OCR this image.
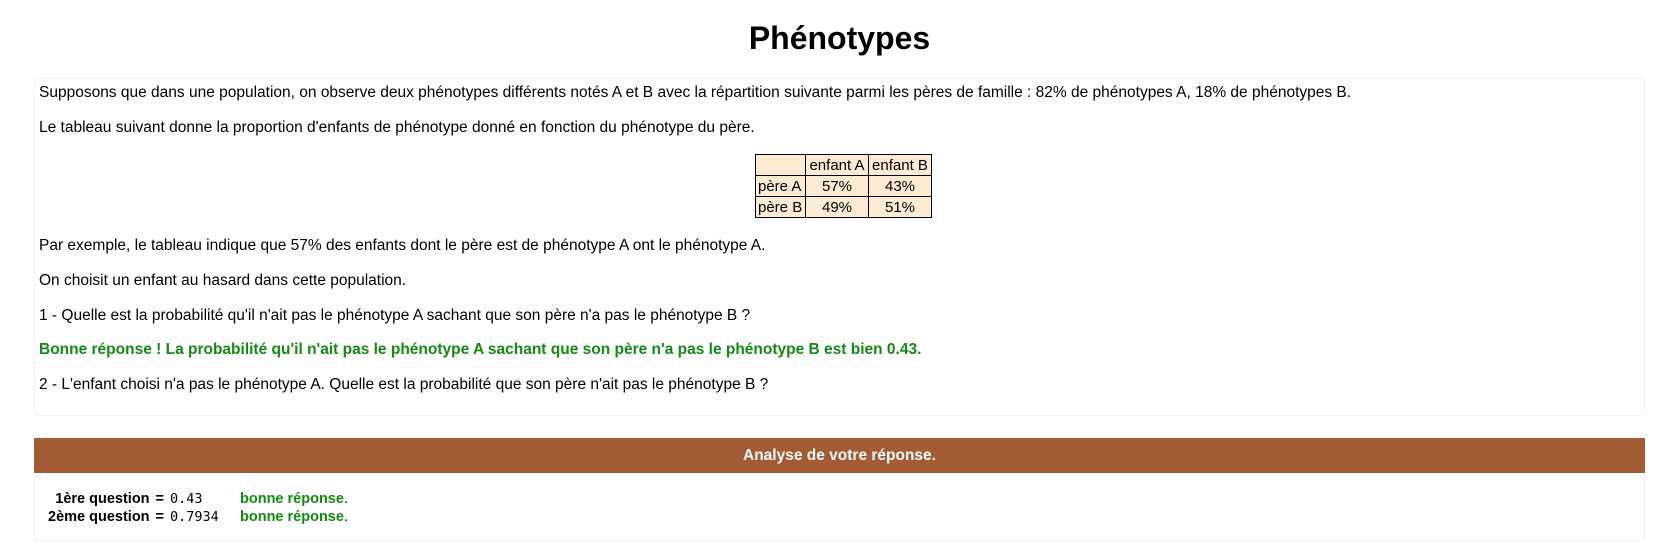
Phénotypes

Supposons que dans une population, on observe deux phénotypes différents notés A et B avec la répartition suivante parmi les pères de famille : 82% de phénotypes A, 18% de phénotypes B.

Le tableau suivant donne la proportion d'enfants de phénotype donné en fonction du phénotype du père.

	enfant A	enfant B
père A	57%	43%
père B	49%	51%

Par exemple, le tableau indique que 57% des enfants dont le père est de phénotype A ont le phénotype A.

On choisit un enfant au hasard dans cette population.

1 - Quelle est la probabilité qu'il n'ait pas le phénotype A sachant que son père n'a pas le phénotype B ?

Bonne réponse ! La probabilité qu'il n'ait pas le phénotype A sachant que son père n'a pas le phénotype B est bien 0.43.

2 - L'enfant choisi n'a pas le phénotype A. Quelle est la probabilité que son père n'ait pas le phénotype B ?

Analyse de votre réponse.
1ère question	=	0.43	bonne réponse.
2ème question	=	0.7934	bonne réponse.
